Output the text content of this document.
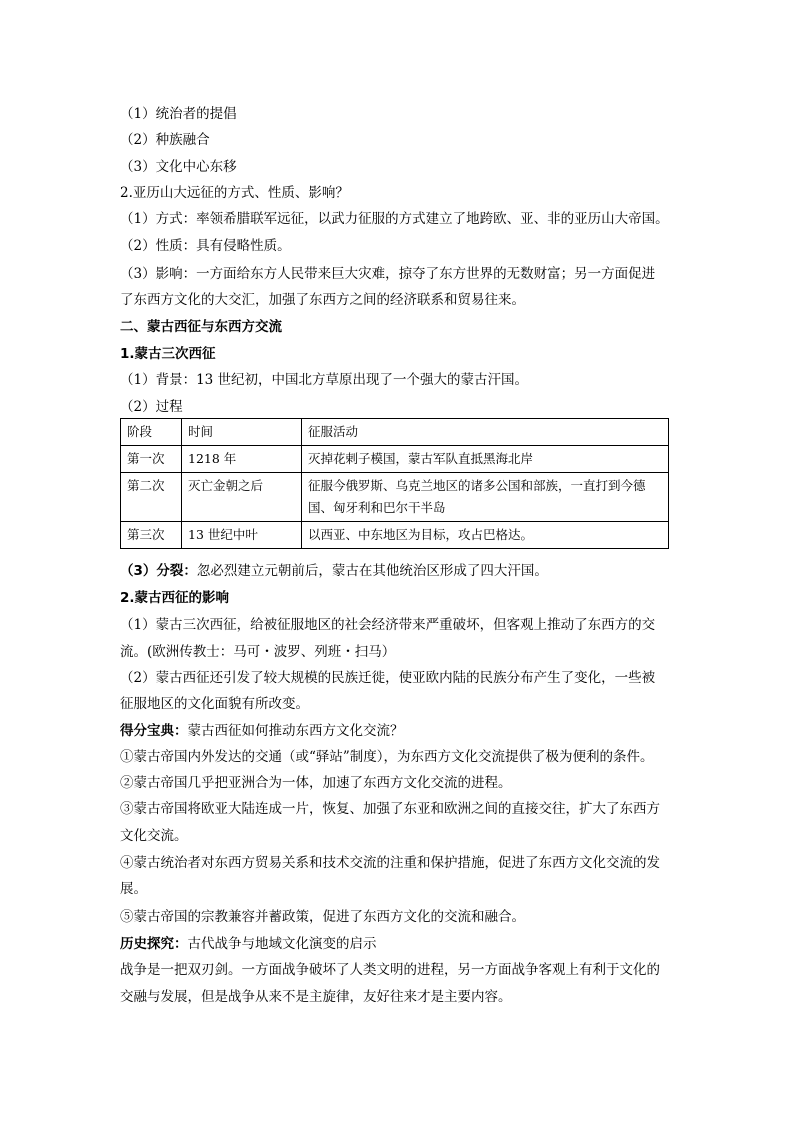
（1）统治者的提倡
（2）种族融合
（3）文化中心东移
2.亚历山大远征的方式、性质、影响？
（1）方式：率领希腊联军远征，以武力征服的方式建立了地跨欧、亚、非的亚历山大帝国。
（2）性质：具有侵略性质。
（3）影响：一方面给东方人民带来巨大灾难，掠夺了东方世界的无数财富；另一方面促进
了东西方文化的大交汇，加强了东西方之间的经济联系和贸易往来。
二、蒙古西征与东西方交流
1.蒙古三次西征
（1）背景：13 世纪初，中国北方草原出现了一个强大的蒙古汗国。
（2）过程
阶段	时间	征服活动
第一次	1218 年	灭掉花剌子模国，蒙古军队直抵黑海北岸
第二次	灭亡金朝之后	征服今俄罗斯、乌克兰地区的诸多公国和部族，一直打到今德
国、匈牙利和巴尔干半岛

第三次	13 世纪中叶	以西亚、中东地区为目标，攻占巴格达。
（3）分裂：忽必烈建立元朝前后，蒙古在其他统治区形成了四大汗国。
2.蒙古西征的影响
（1）蒙古三次西征，给被征服地区的社会经济带来严重破坏，但客观上推动了东西方的交
流。(欧洲传教士：马可・波罗、列班・扫马）
（2）蒙古西征还引发了较大规模的民族迁徙，使亚欧内陆的民族分布产生了变化，一些被
征服地区的文化面貌有所改变。
得分宝典：蒙古西征如何推动东西方文化交流？
①蒙古帝国内外发达的交通（或“驿站”制度），为东西方文化交流提供了极为便利的条件。
②蒙古帝国几乎把亚洲合为一体，加速了东西方文化交流的进程。
③蒙古帝国将欧亚大陆连成一片，恢复、加强了东亚和欧洲之间的直接交往，扩大了东西方
文化交流。
④蒙古统治者对东西方贸易关系和技术交流的注重和保护措施，促进了东西方文化交流的发
展。
⑤蒙古帝国的宗教兼容并蓄政策，促进了东西方文化的交流和融合。
历史探究：古代战争与地域文化演变的启示
战争是一把双刃剑。一方面战争破坏了人类文明的进程，另一方面战争客观上有利于文化的
交融与发展，但是战争从来不是主旋律，友好往来才是主要内容。
